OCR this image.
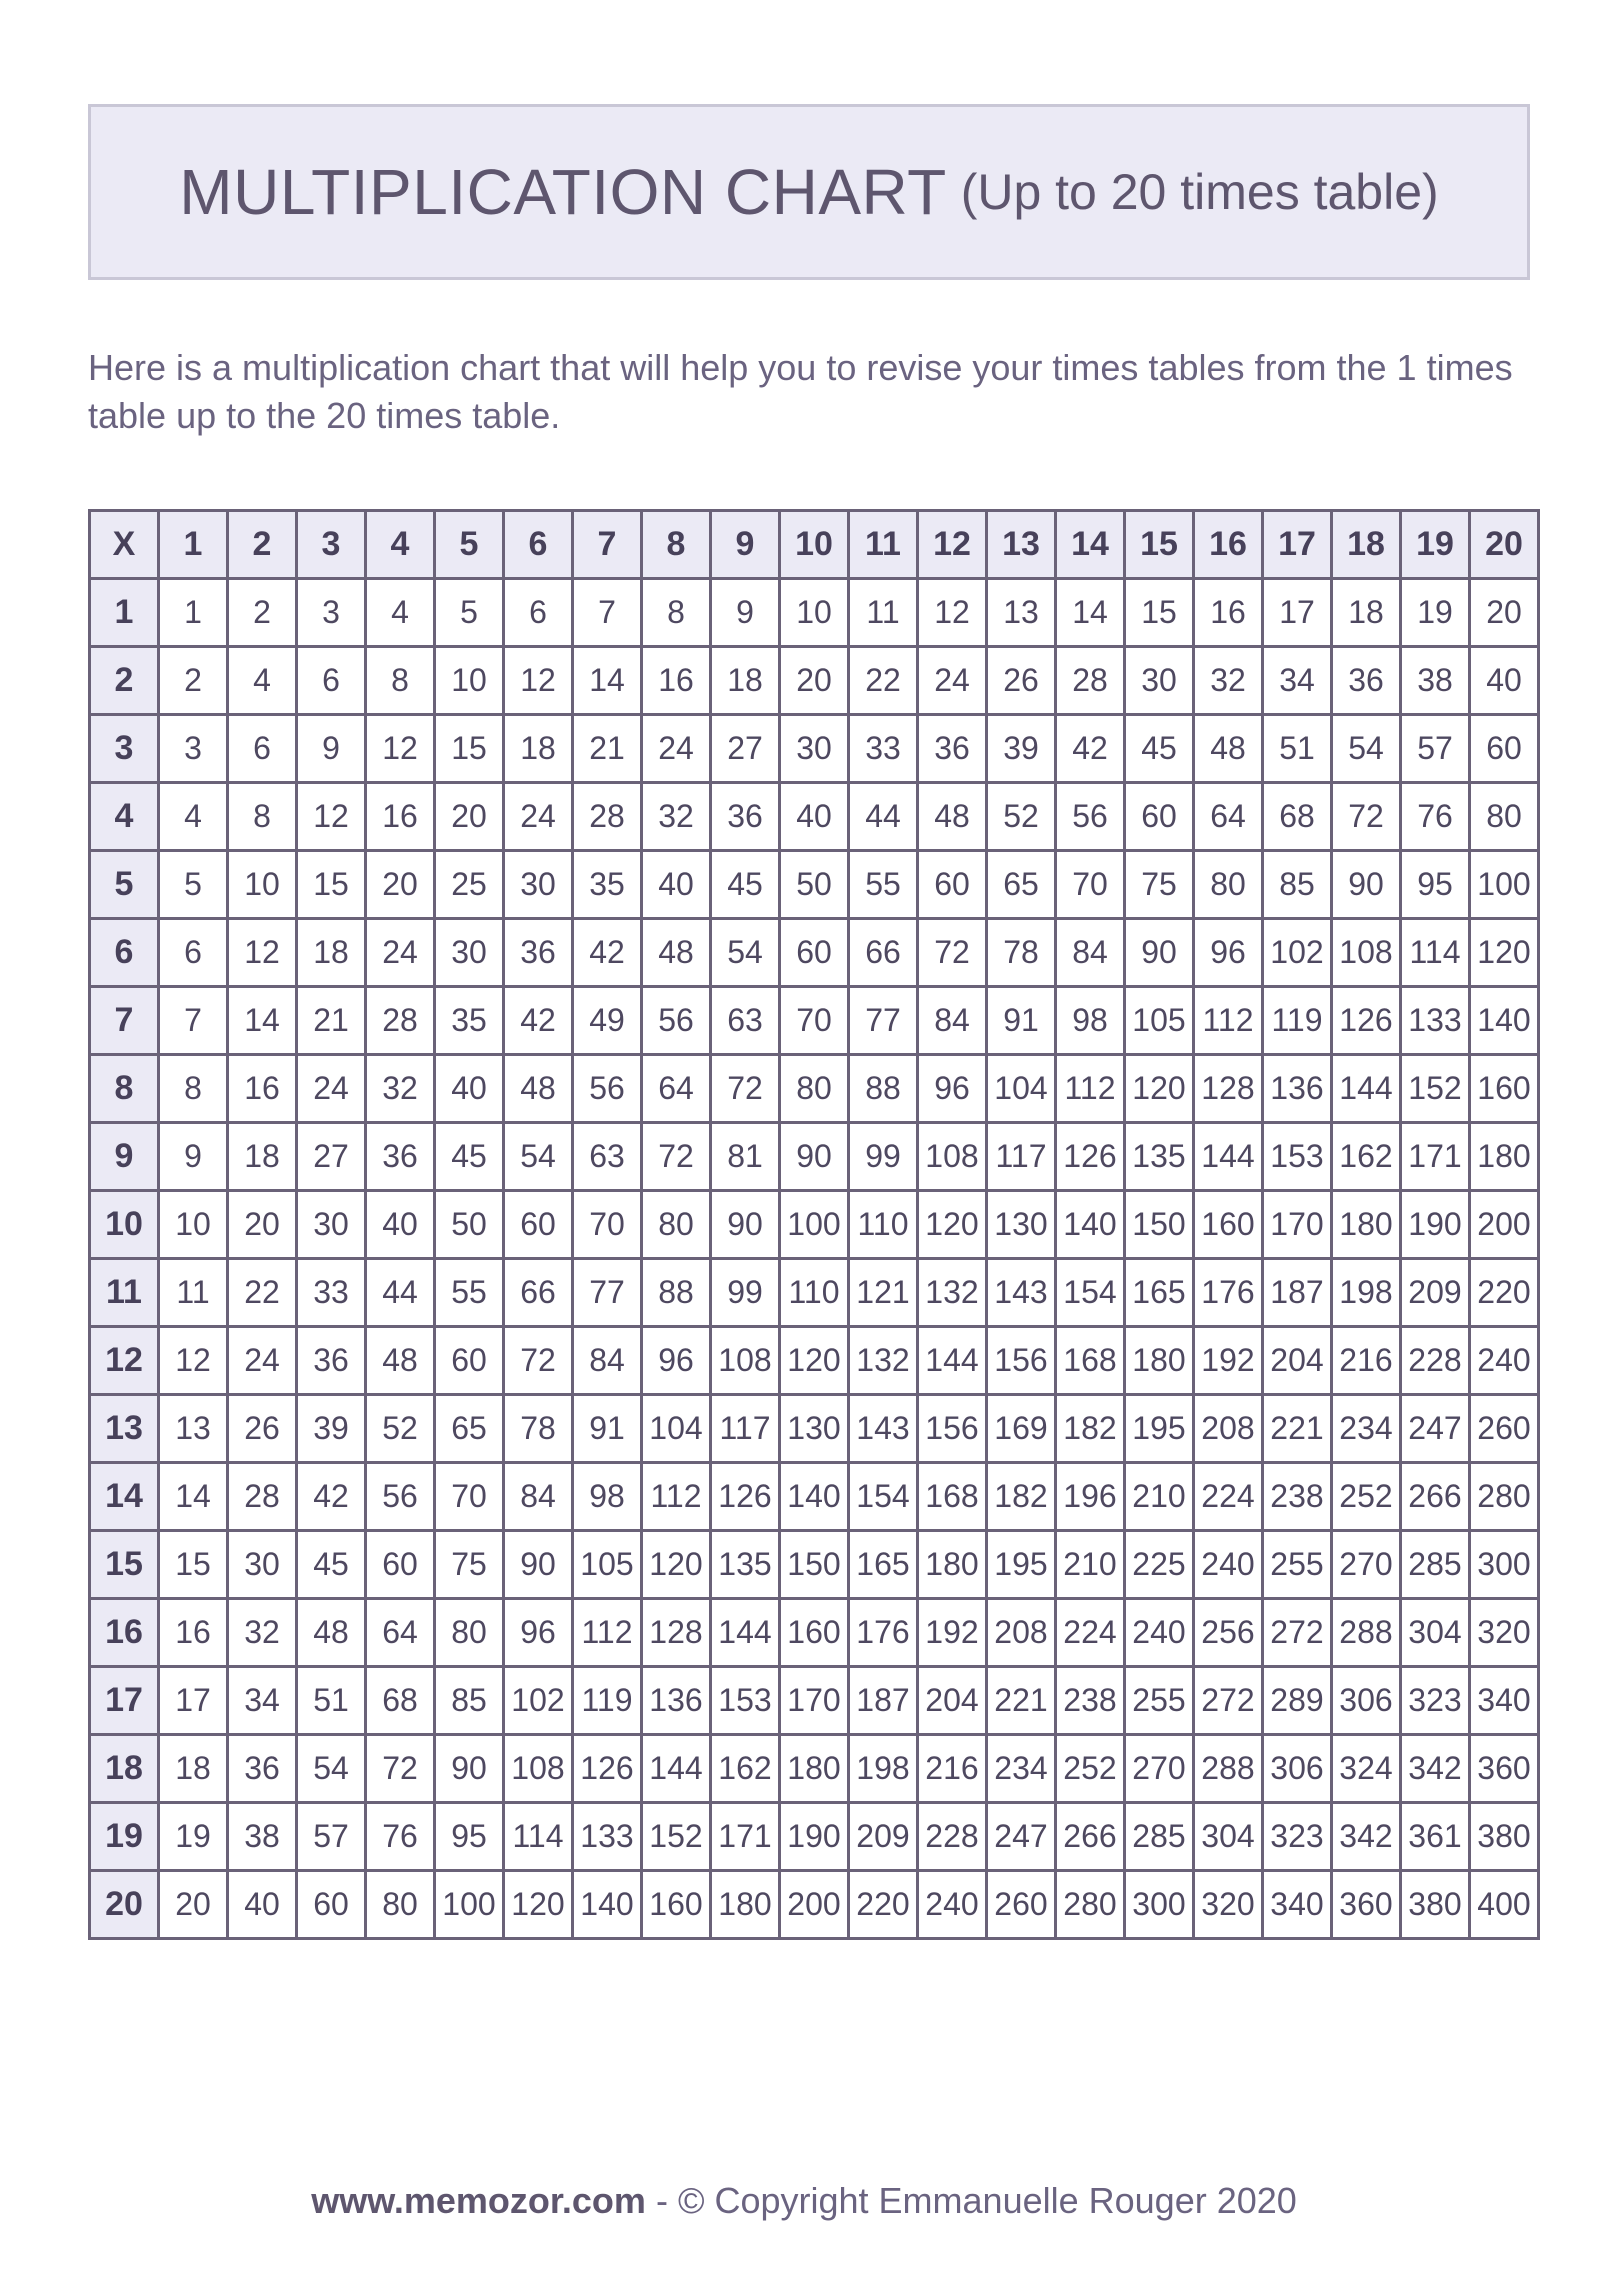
MULTIPLICATION CHART (Up to 20 times table)
Here is a multiplication chart that will help you to revise your times tables from the 1 times table up to the 20 times table.
X	1	2	3	4	5	6	7	8	9	10	11	12	13	14	15	16	17	18	19	20
1	1	2	3	4	5	6	7	8	9	10	11	12	13	14	15	16	17	18	19	20
2	2	4	6	8	10	12	14	16	18	20	22	24	26	28	30	32	34	36	38	40
3	3	6	9	12	15	18	21	24	27	30	33	36	39	42	45	48	51	54	57	60
4	4	8	12	16	20	24	28	32	36	40	44	48	52	56	60	64	68	72	76	80
5	5	10	15	20	25	30	35	40	45	50	55	60	65	70	75	80	85	90	95	100
6	6	12	18	24	30	36	42	48	54	60	66	72	78	84	90	96	102	108	114	120
7	7	14	21	28	35	42	49	56	63	70	77	84	91	98	105	112	119	126	133	140
8	8	16	24	32	40	48	56	64	72	80	88	96	104	112	120	128	136	144	152	160
9	9	18	27	36	45	54	63	72	81	90	99	108	117	126	135	144	153	162	171	180
10	10	20	30	40	50	60	70	80	90	100	110	120	130	140	150	160	170	180	190	200
11	11	22	33	44	55	66	77	88	99	110	121	132	143	154	165	176	187	198	209	220
12	12	24	36	48	60	72	84	96	108	120	132	144	156	168	180	192	204	216	228	240
13	13	26	39	52	65	78	91	104	117	130	143	156	169	182	195	208	221	234	247	260
14	14	28	42	56	70	84	98	112	126	140	154	168	182	196	210	224	238	252	266	280
15	15	30	45	60	75	90	105	120	135	150	165	180	195	210	225	240	255	270	285	300
16	16	32	48	64	80	96	112	128	144	160	176	192	208	224	240	256	272	288	304	320
17	17	34	51	68	85	102	119	136	153	170	187	204	221	238	255	272	289	306	323	340
18	18	36	54	72	90	108	126	144	162	180	198	216	234	252	270	288	306	324	342	360
19	19	38	57	76	95	114	133	152	171	190	209	228	247	266	285	304	323	342	361	380
20	20	40	60	80	100	120	140	160	180	200	220	240	260	280	300	320	340	360	380	400
www.memozor.com - © Copyright Emmanuelle Rouger 2020
